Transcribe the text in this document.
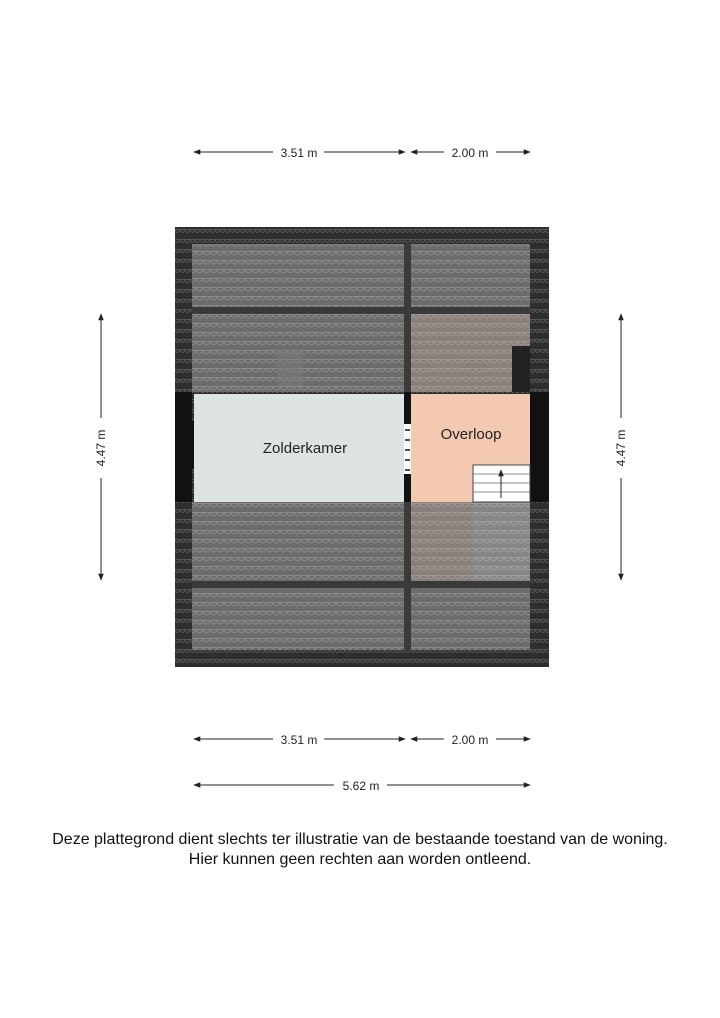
Zolderkamer
Overloop
3.51 m	2.00 m
3.51 m	2.00 m
5.62 m
4.47 m	4.47 m
Deze plattegrond dient slechts ter illustratie van de bestaande toestand van de woning.
Hier kunnen geen rechten aan worden ontleend.
